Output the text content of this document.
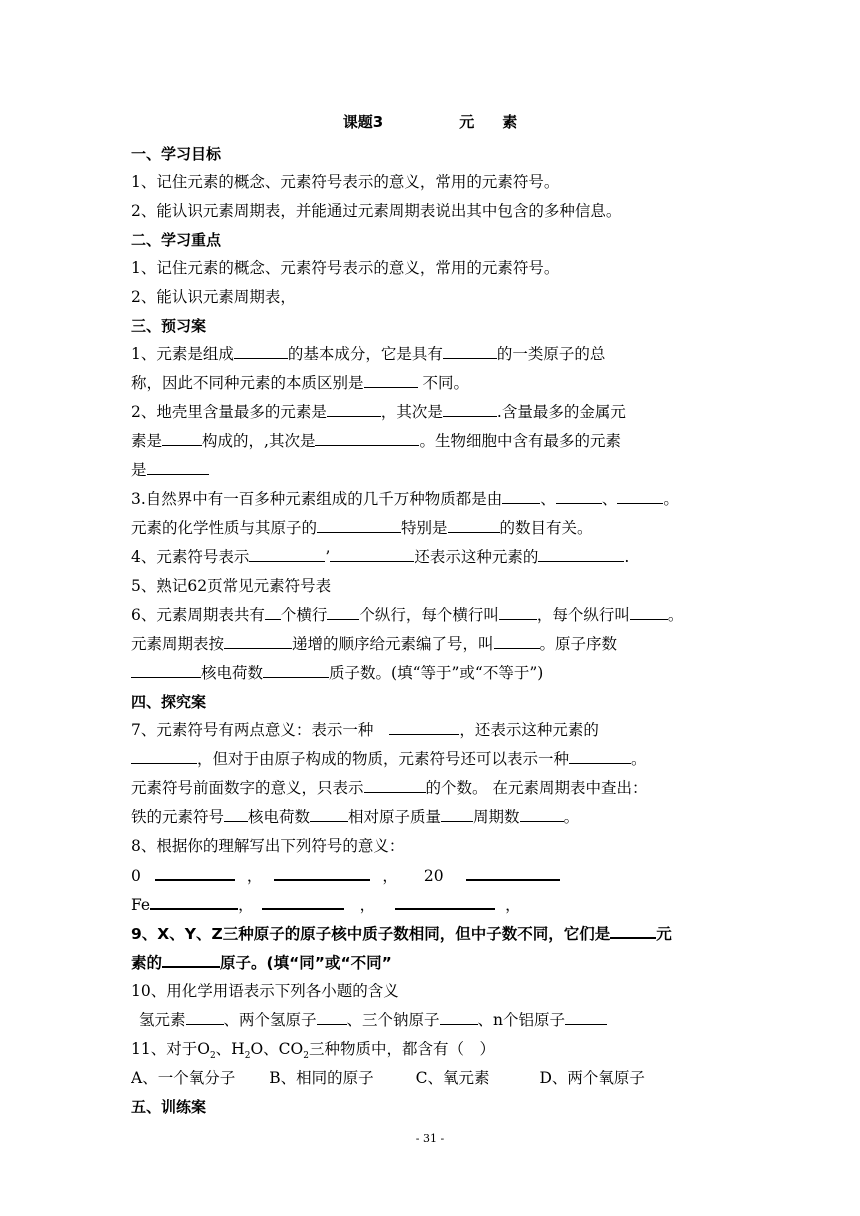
课题3	元 素
一、学习目标
1、记住元素的概念、元素符号表示的意义，常用的元素符号。
2、能认识元素周期表，并能通过元素周期表说出其中包含的多种信息。
二、学习重点
1、记住元素的概念、元素符号表示的意义，常用的元素符号。
2、能认识元素周期表，
三、预习案
1、元素是组成	的基本成分，它是具有	的一类原子的总
称，因此不同种元素的本质区别是	不同。
2、地壳里含量最多的元素是	，其次是	.含量最多的金属元
素是	构成的，,其次是	。生物细胞中含有最多的元素
是
3.自然界中有一百多种元素组成的几千万种物质都是由 、	、	。
元素的化学性质与其原子的	特别是	的数目有关。
4、元素符号表示	’	还表示这种元素的	.
5、熟记62页常见元素符号表
6、元素周期表共有 个横行 个纵行，每个横行叫 ，每个纵行叫 。
元素周期表按	递增的顺序给元素编了号，叫	。原子序数
核电荷数	质子数。(填“等于”或“不等于”)
四、探究案
7、元素符号有两点意义：表示一种	，还表示这种元素的
，但对于由原子构成的物质，元素符号还可以表示一种	。
元素符号前面数字的意义，只表示	的个数。 在元素周期表中查出：
铁的元素符号 核电荷数 相对原子质量 周期数	。
8、根据你的理解写出下列符号的意义：
0	，	， 20
Fe	，	，	，
9、X、Y、Z三种原子的原子核中质子数相同，但中子数不同，它们是	元
素的	原子。(填“同”或“不同”
10、用化学用语表示下列各小题的含义
氢元素 、两个氢原子 、三个钠原子 、n个铝原子
11、对于$O_2$、$H_2O$、$CO_2$三种物质中，都含有（　）
A、一个氧分子 B、相同的原子	C、氧元素	D、两个氧原子
五、训练案
- 31 -
